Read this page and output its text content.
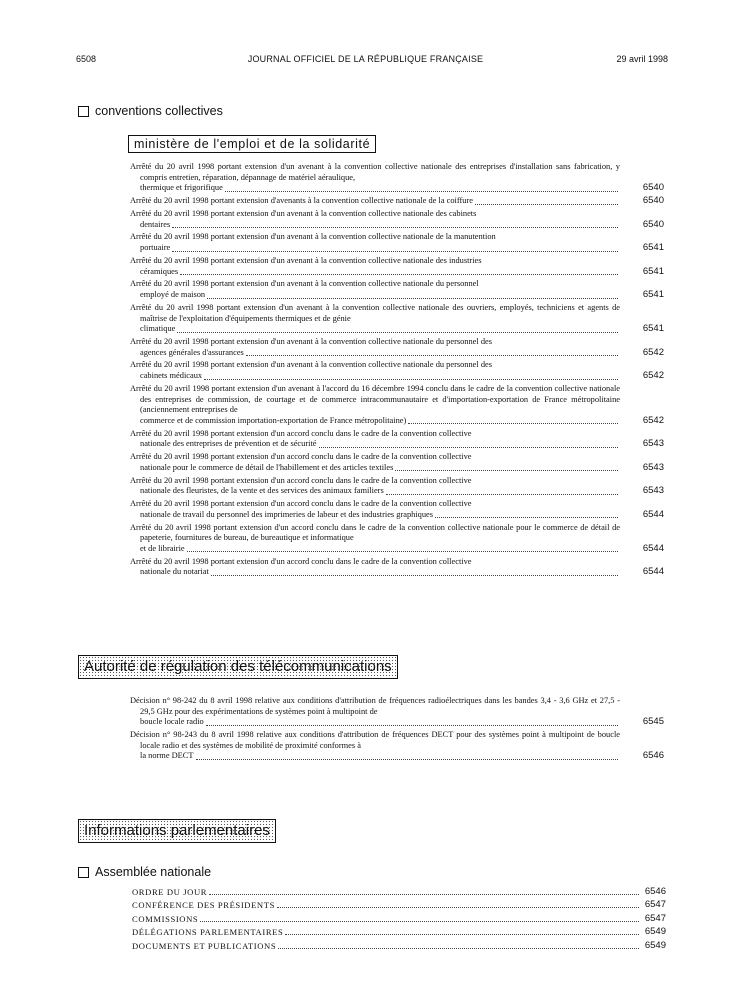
6508	JOURNAL OFFICIEL DE LA RÉPUBLIQUE FRANÇAISE	29 avril 1998
conventions collectives
ministère de l'emploi et de la solidarité
Arrêté du 20 avril 1998 portant extension d'un avenant à la convention collective nationale des entreprises d'installation sans fabrication, y compris entretien, réparation, dépannage de matériel aéraulique,
thermique et frigorifique	6540
Arrêté du 20 avril 1998 portant extension d'avenants à la convention collective nationale de la coiffure	6540
Arrêté du 20 avril 1998 portant extension d'un avenant à la convention collective nationale des cabinets
dentaires	6540
Arrêté du 20 avril 1998 portant extension d'un avenant à la convention collective nationale de la manutention
portuaire	6541
Arrêté du 20 avril 1998 portant extension d'un avenant à la convention collective nationale des industries
céramiques	6541
Arrêté du 20 avril 1998 portant extension d'un avenant à la convention collective nationale du personnel
employé de maison	6541
Arrêté du 20 avril 1998 portant extension d'un avenant à la convention collective nationale des ouvriers, employés, techniciens et agents de maîtrise de l'exploitation d'équipements thermiques et de génie
climatique	6541
Arrêté du 20 avril 1998 portant extension d'un avenant à la convention collective nationale du personnel des
agences générales d'assurances	6542
Arrêté du 20 avril 1998 portant extension d'un avenant à la convention collective nationale du personnel des
cabinets médicaux	6542
Arrêté du 20 avril 1998 portant extension d'un avenant à l'accord du 16 décembre 1994 conclu dans le cadre de la convention collective nationale des entreprises de commission, de courtage et de commerce intracommunautaire et d'importation-exportation de France métropolitaine (anciennement entreprises de
commerce et de commission importation-exportation de France métropolitaine)	6542
Arrêté du 20 avril 1998 portant extension d'un accord conclu dans le cadre de la convention collective
nationale des entreprises de prévention et de sécurité	6543
Arrêté du 20 avril 1998 portant extension d'un accord conclu dans le cadre de la convention collective
nationale pour le commerce de détail de l'habillement et des articles textiles	6543
Arrêté du 20 avril 1998 portant extension d'un accord conclu dans le cadre de la convention collective
nationale des fleuristes, de la vente et des services des animaux familiers	6543
Arrêté du 20 avril 1998 portant extension d'un accord conclu dans le cadre de la convention collective
nationale de travail du personnel des imprimeries de labeur et des industries graphiques	6544
Arrêté du 20 avril 1998 portant extension d'un accord conclu dans le cadre de la convention collective nationale pour le commerce de détail de papeterie, fournitures de bureau, de bureautique et informatique
et de librairie	6544
Arrêté du 20 avril 1998 portant extension d'un accord conclu dans le cadre de la convention collective
nationale du notariat	6544
Autorité de régulation des télécommunications
Décision n° 98-242 du 8 avril 1998 relative aux conditions d'attribution de fréquences radioélectriques dans les bandes 3,4 - 3,6 GHz et 27,5 - 29,5 GHz pour des expérimentations de systèmes point à multipoint de
boucle locale radio	6545
Décision n° 98-243 du 8 avril 1998 relative aux conditions d'attribution de fréquences DECT pour des systèmes point à multipoint de boucle locale radio et des systèmes de mobilité de proximité conformes à
la norme DECT	6546
Informations parlementaires
Assemblée nationale
ORDRE DU JOUR	6546
CONFÉRENCE DES PRÉSIDENTS	6547
COMMISSIONS	6547
DÉLÉGATIONS PARLEMENTAIRES	6549
DOCUMENTS ET PUBLICATIONS	6549
